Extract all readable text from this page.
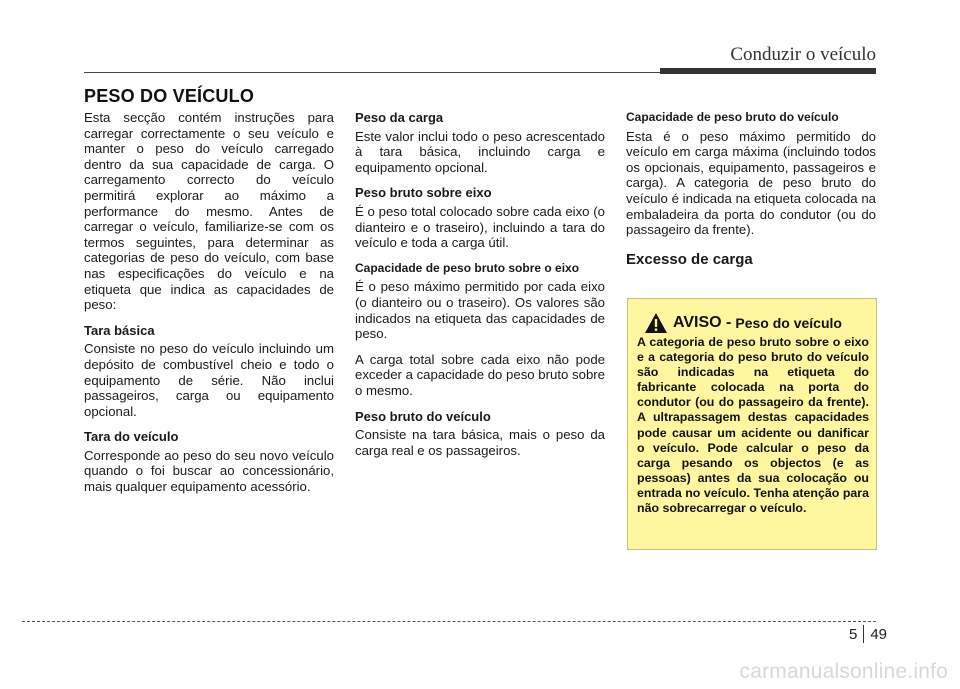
Conduzir o veículo
PESO DO VEÍCULO

Esta secção contém instruções para carregar correctamente o seu veículo e manter o peso do veículo carregado dentro da sua capacidade de carga. O carregamento correcto do veículo permitirá explorar ao máximo a performance do mesmo. Antes de carregar o veículo, familiarize-se com os termos seguintes, para determinar as categorias de peso do veículo, com base nas especificações do veículo e na etiqueta que indica as capacidades de peso:

Tara básica

Consiste no peso do veículo incluindo um depósito de combustível cheio e todo o equipamento de série. Não inclui passageiros, carga ou equipamento opcional.

Tara do veículo

Corresponde ao peso do seu novo veículo quando o foi buscar ao concessionário, mais qualquer equipamento acessório.

Peso da carga

Este valor inclui todo o peso acrescentado à tara básica, incluindo carga e equipamento opcional.

Peso bruto sobre eixo

É o peso total colocado sobre cada eixo (o dianteiro e o traseiro), incluindo a tara do veículo e toda a carga útil.

Capacidade de peso bruto sobre o eixo

É o peso máximo permitido por cada eixo (o dianteiro ou o traseiro). Os valores são indicados na etiqueta das capacidades de peso.

A carga total sobre cada eixo não pode exceder a capacidade do peso bruto sobre o mesmo.

Peso bruto do veículo

Consiste na tara básica, mais o peso da carga real e os passageiros.

Capacidade de peso bruto do veículo

Esta é o peso máximo permitido do veículo em carga máxima (incluindo todos os opcionais, equipamento, passageiros e carga). A categoria de peso bruto do veículo é indicada na etiqueta colocada na embaladeira da porta do condutor (ou do passageiro da frente).

Excesso de carga
AVISO - Peso do veículo

A categoria de peso bruto sobre o eixo e a categoria do peso bruto do veículo são indicadas na etiqueta do fabricante colocada na porta do condutor (ou do passageiro da frente). A ultrapassagem destas capacidades pode causar um acidente ou danificar o veículo. Pode calcular o peso da carga pesando os objectos (e as pessoas) antes da sua colocação ou entrada no veículo. Tenha atenção para não sobrecarregar o veículo.

5 49
carmanualsonline.info
